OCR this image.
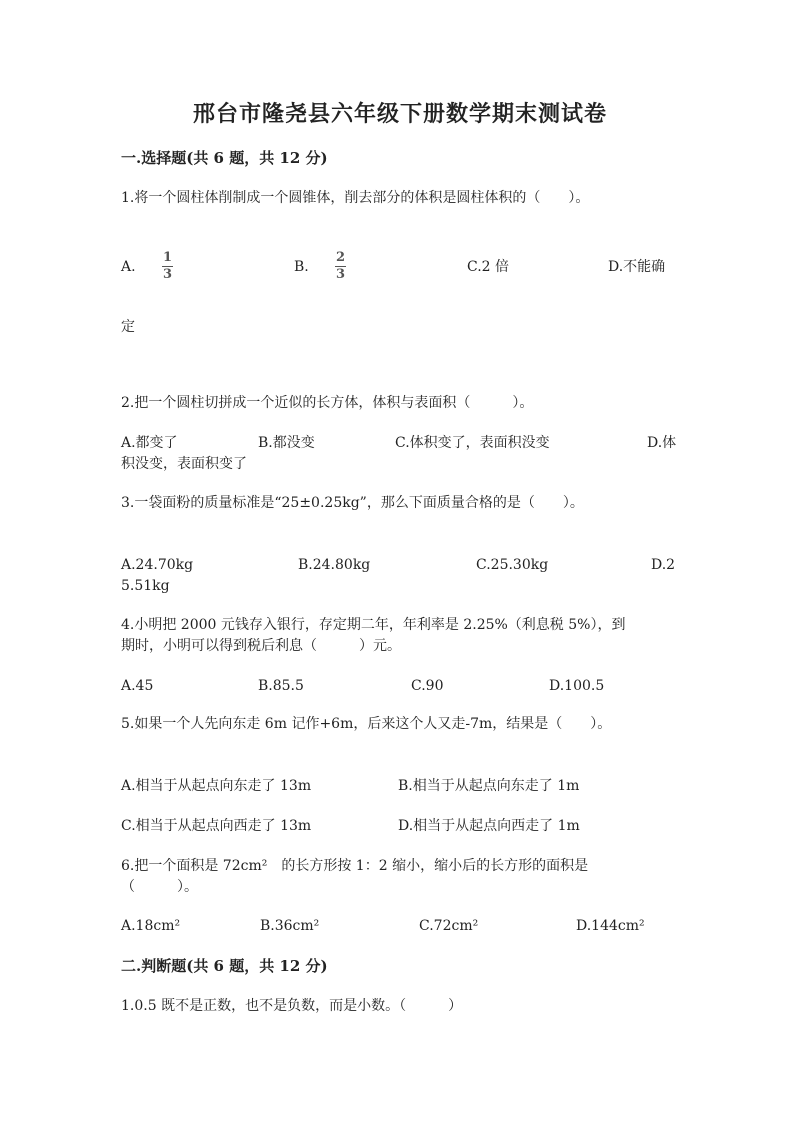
邢台市隆尧县六年级下册数学期末测试卷
一.选择题(共 6 题，共 12 分)
1.将一个圆柱体削制成一个圆锥体，削去部分的体积是圆柱体积的（　　）。
A.
1
3	B.
2
3	C.2 倍	D.不能确
定
2.把一个圆柱切拼成一个近似的长方体，体积与表面积（　　　）。
A.都变了	B.都没变	C.体积变了，表面积没变	D.体
积没变，表面积变了
3.一袋面粉的质量标准是“25±0.25kg”，那么下面质量合格的是（　　）。
A.24.70kg	B.24.80kg	C.25.30kg	D.2
5.51kg
4.小明把 2000 元钱存入银行，存定期二年，年利率是 2.25%（利息税 5%），到
期时，小明可以得到税后利息（　　　）元。
A.45	B.85.5	C.90	D.100.5
5.如果一个人先向东走 6m 记作+6m，后来这个人又走-7m，结果是（　　）。
A.相当于从起点向东走了 13m	B.相当于从起点向东走了 1m
C.相当于从起点向西走了 13m	D.相当于从起点向西走了 1m
6.把一个面积是 72cm²　的长方形按 1：2 缩小，缩小后的长方形的面积是
（　　　）。
A.18cm²	B.36cm²	C.72cm²	D.144cm²
二.判断题(共 6 题，共 12 分)
1.0.5 既不是正数，也不是负数，而是小数。（　　　）
